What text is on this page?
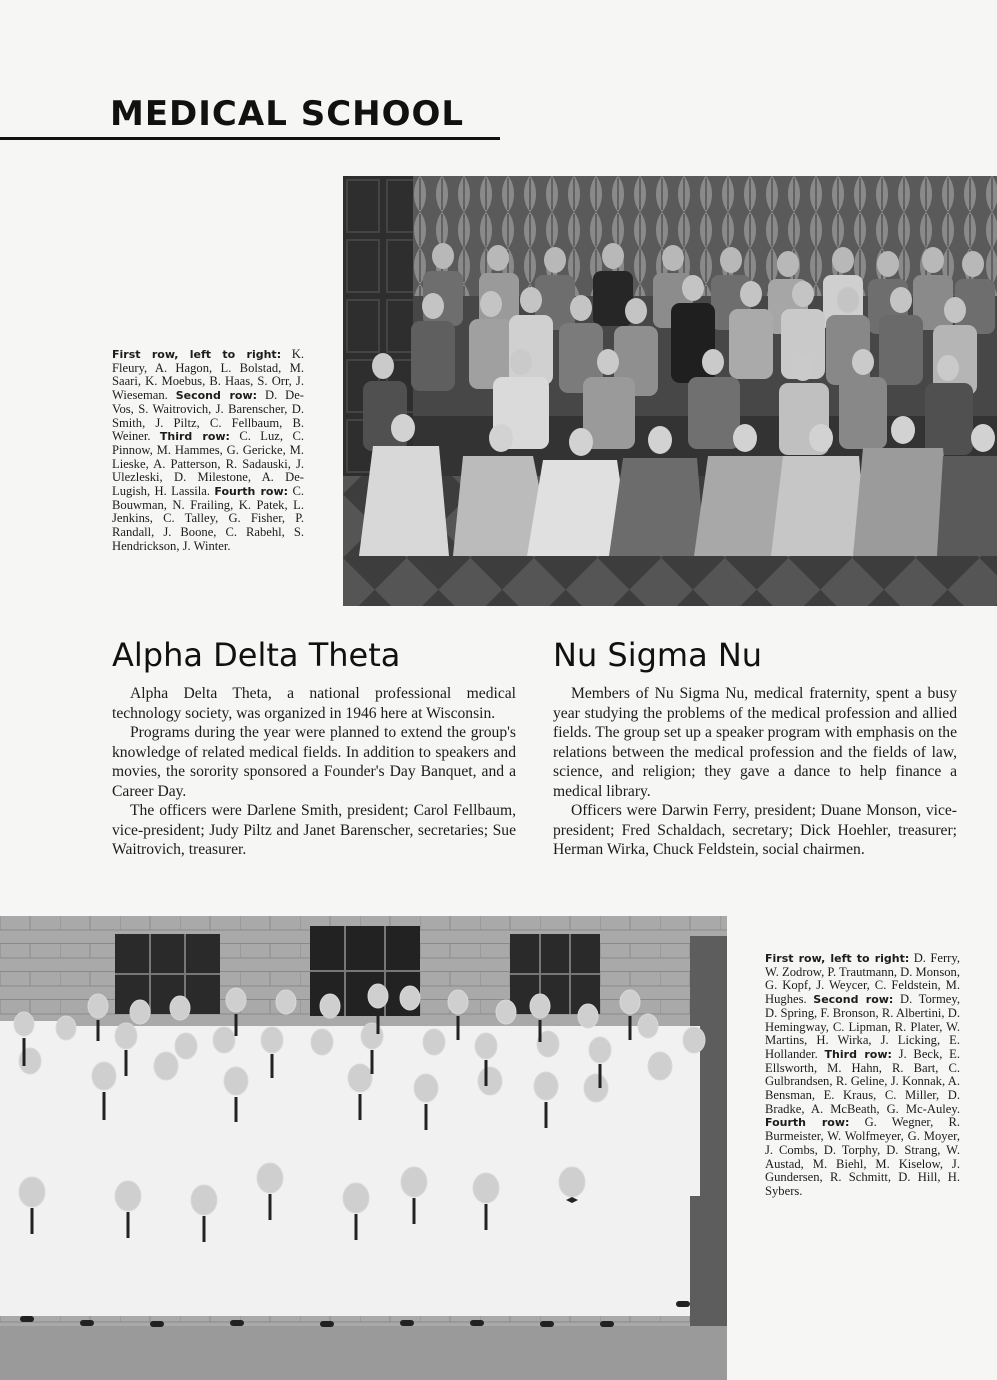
MEDICAL SCHOOL

First row, left to right: K. Fleury, A. Hagon, L. Bolstad, M. Saari, K. Moebus, B. Haas, S. Orr, J. Wieseman. Second row: D. De-Vos, S. Waitrovich, J. Barenscher, D. Smith, J. Piltz, C. Fellbaum, B. Weiner. Third row: C. Luz, C. Pinnow, M. Hammes, G. Gericke, M. Lieske, A. Patterson, R. Sadauski, J. Ulezleski, D. Milestone, A. De-Lugish, H. Lassila. Fourth row: C. Bouwman, N. Frailing, K. Patek, L. Jenkins, C. Talley, G. Fisher, P. Randall, J. Boone, C. Rabehl, S. Hendrickson, J. Winter.

Alpha Delta Theta	Nu Sigma Nu

Alpha Delta Theta, a national professional medical technology society, was organized in 1946 here at Wisconsin.

Programs during the year were planned to extend the group's knowledge of related medical fields. In addition to speakers and movies, the sorority sponsored a Founder's Day Banquet, and a Career Day.

The officers were Darlene Smith, president; Carol Fellbaum, vice-president; Judy Piltz and Janet Barenscher, secretaries; Sue Waitrovich, treasurer.

Members of Nu Sigma Nu, medical fraternity, spent a busy year studying the problems of the medical profession and allied fields. The group set up a speaker program with emphasis on the relations between the medical profession and the fields of law, science, and religion; they gave a dance to help finance a medical library.

Officers were Darwin Ferry, president; Duane Monson, vice-president; Fred Schaldach, secretary; Dick Hoehler, treasurer; Herman Wirka, Chuck Feldstein, social chairmen.

First row, left to right: D. Ferry, W. Zodrow, P. Trautmann, D. Monson, G. Kopf, J. Weycer, C. Feldstein, M. Hughes. Second row: D. Tormey, D. Spring, F. Bronson, R. Albertini, D. Hemingway, C. Lipman, R. Plater, W. Martins, H. Wirka, J. Licking, E. Hollander. Third row: J. Beck, E. Ellsworth, M. Hahn, R. Bart, C. Gulbrandsen, R. Geline, J. Konnak, A. Bensman, E. Kraus, C. Miller, D. Bradke, A. McBeath, G. Mc-Auley. Fourth row: G. Wegner, R. Burmeister, W. Wolfmeyer, G. Moyer, J. Combs, D. Torphy, D. Strang, W. Austad, M. Biehl, M. Kiselow, J. Gundersen, R. Schmitt, D. Hill, H. Sybers.
